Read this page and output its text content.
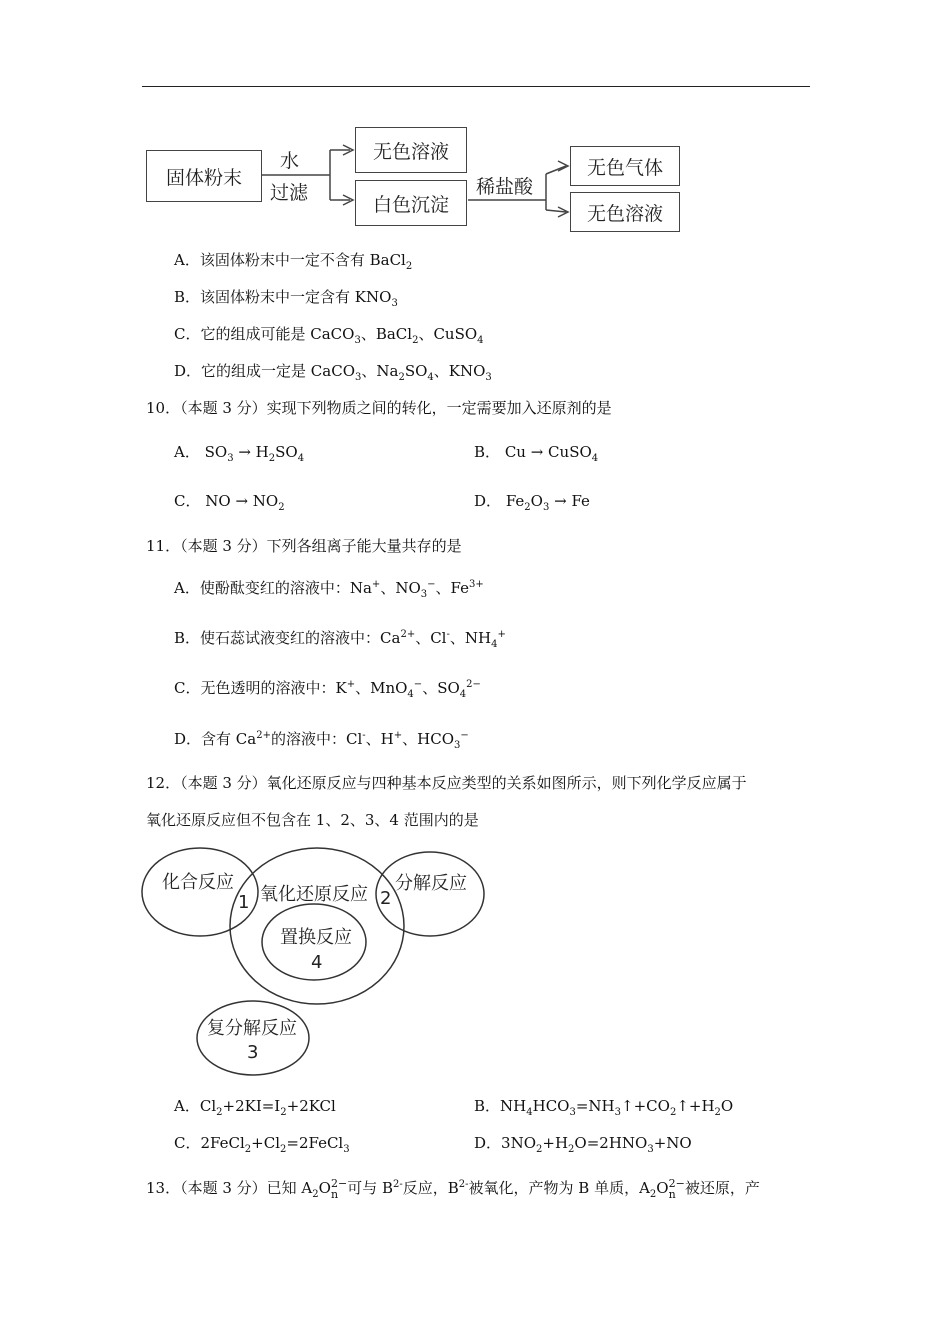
固体粉末
水
过滤
无色溶液
白色沉淀
稀盐酸
无色气体
无色溶液
A．该固体粉末中一定不含有 BaCl$_2$
B．该固体粉末中一定含有 $KNO_3$
C．它的组成可能是 CaCO$_3$、BaCl$_2$、CuSO$_4$
D．它的组成一定是 CaCO$_3$、$Na_2SO_4$、$KNO_3$
10．（本题 3 分）实现下列物质之间的转化，一定需要加入还原剂的是
A． $SO_3 \to H_2SO_4$	B． Cu → CuSO$_4$
C． NO → $NO_2$	D． $Fe_2O_3 \to Fe$
11．（本题 3 分）下列各组离子能大量共存的是
A．使酚酞变红的溶液中：Na+、$NO_3^-$、$Fe^{3+}$
B．使石蕊试液变红的溶液中：$Ca^{2+}$、Cl-、$NH_4^+$
C．无色透明的溶液中：K+、MnO$_4$−、$SO_4^{2-}$
D．含有 $Ca^{2+}$的溶液中：Cl-、H+、$HCO_3^-$
12．（本题 3 分）氧化还原反应与四种基本反应类型的关系如图所示，则下列化学反应属于
氧化还原反应但不包含在 1、2、3、4 范围内的是
化合反应
1 氧化还原反应 2
分解反应
置换反应
4
复分解反应
3
A．$Cl_2+2KI=I_2+2KCl$	B．$NH_4HCO_3=NH_3↑+CO_2↑+H_2O$
C．$2FeCl_2+Cl_2=2FeCl_3$	D．$3NO_2+H_2O=2HNO_3+NO$
13．（本题 3 分）已知 $A_2O$ 2−
n 可与 $B^{2-}$反应，$B^{2-}$被氧化，产物为 B 单质，$A_2O$ 2−
n 被还原，产
